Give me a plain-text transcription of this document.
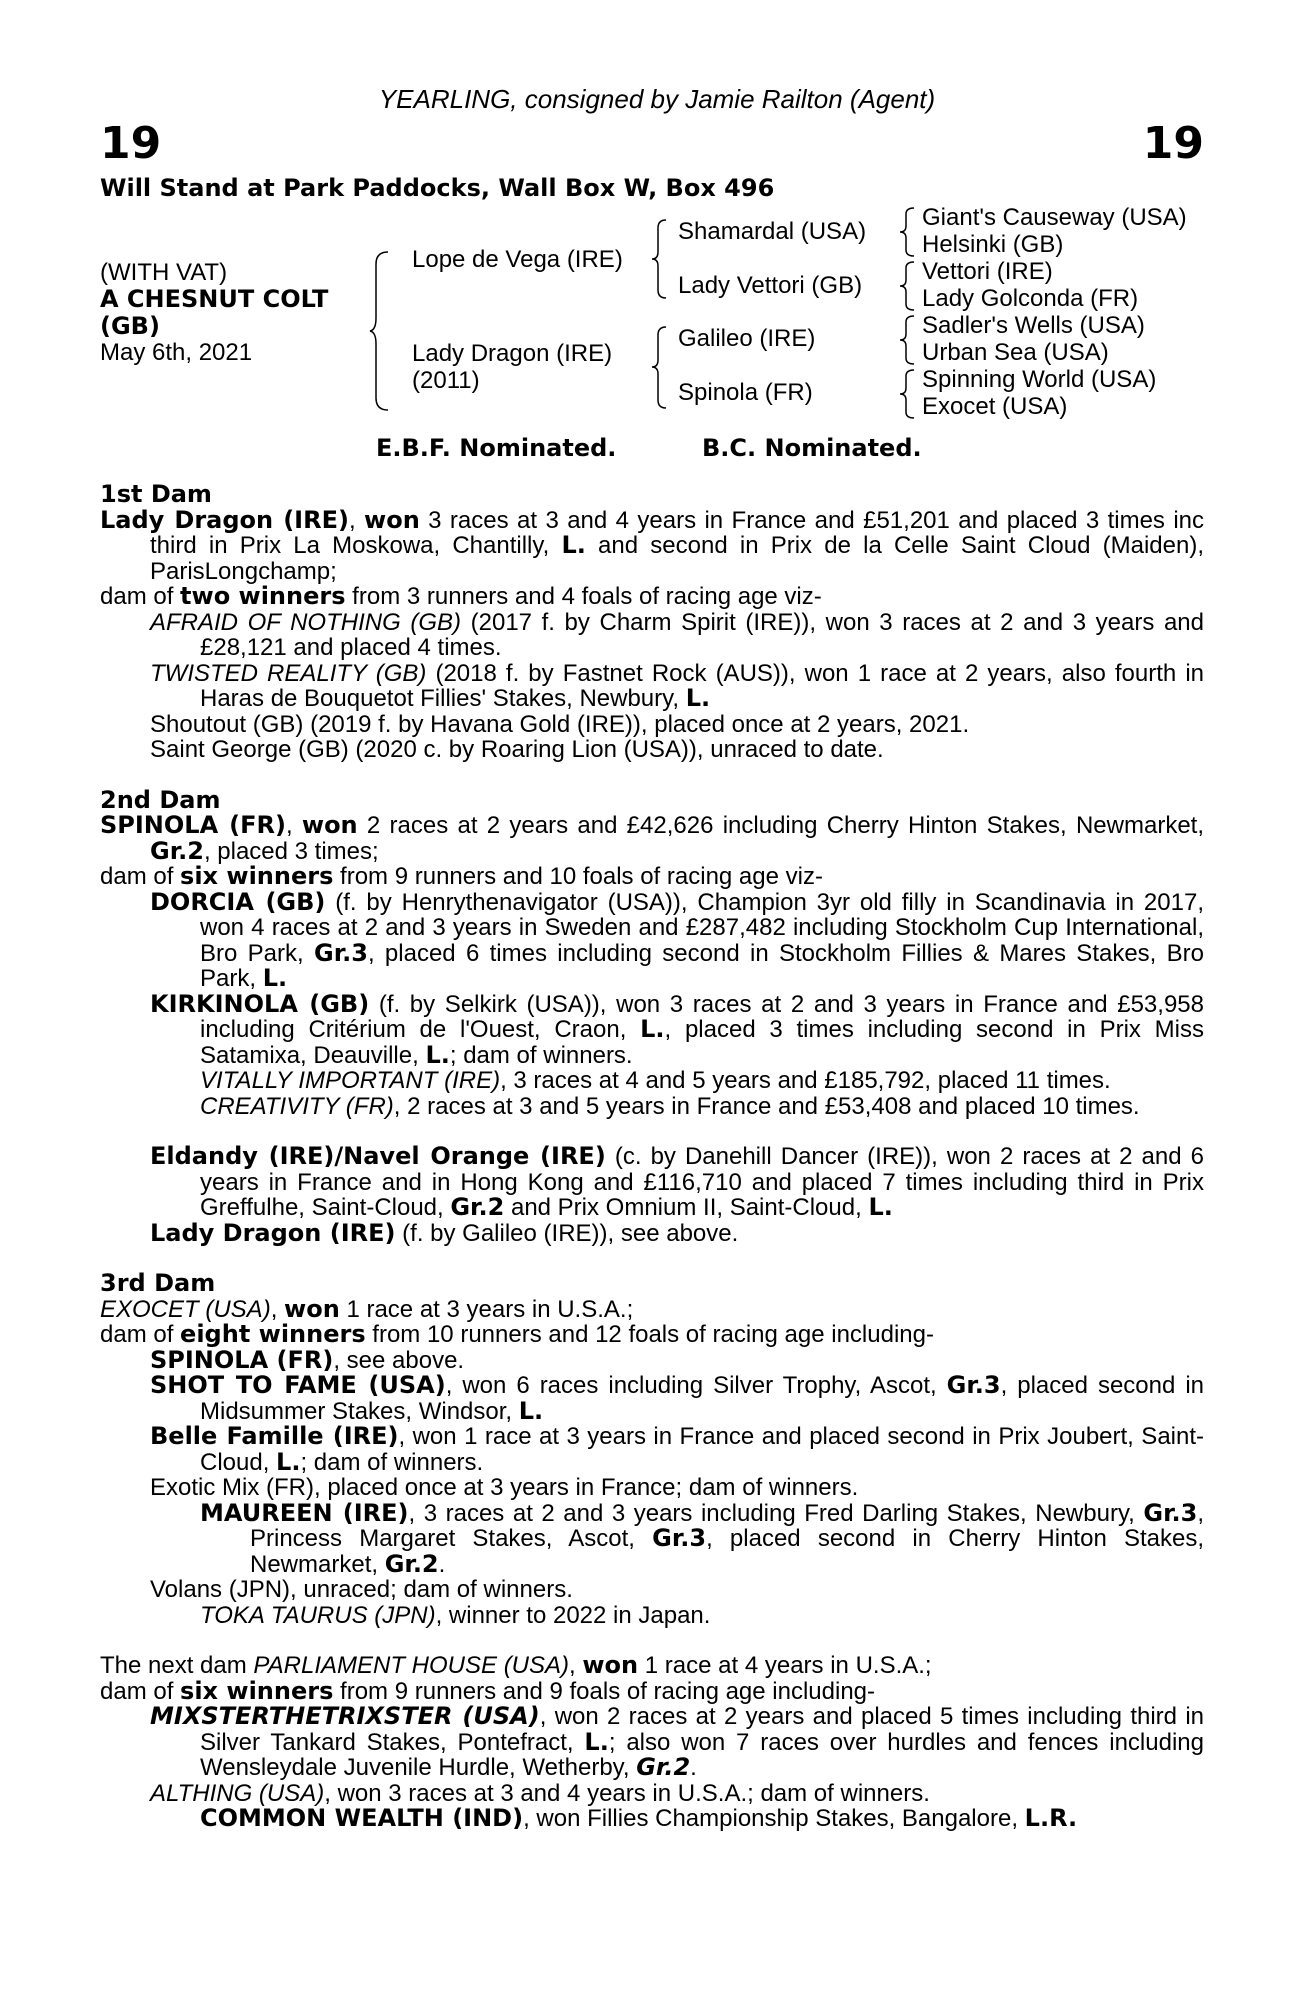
YEARLING, consigned by Jamie Railton (Agent)
19	19
Will Stand at Park Paddocks, Wall Box W, Box 496
(WITH VAT)
A CHESNUT COLT
(GB)
May 6th, 2021
Lope de Vega (IRE)
Lady Dragon (IRE)
(2011)
Shamardal (USA)
Lady Vettori (GB)
Galileo (IRE)
Spinola (FR)
Giant's Causeway (USA)
Helsinki (GB)
Vettori (IRE)
Lady Golconda (FR)
Sadler's Wells (USA)
Urban Sea (USA)
Spinning World (USA)
Exocet (USA)
E.B.F. Nominated.	B.C. Nominated.

1st Dam

Lady Dragon (IRE), won 3 races at 3 and 4 years in France and £51,201 and placed 3 times inc third in Prix La Moskowa, Chantilly, L. and second in Prix de la Celle Saint Cloud (Maiden), ParisLongchamp;

dam of two winners from 3 runners and 4 foals of racing age viz-

AFRAID OF NOTHING (GB) (2017 f. by Charm Spirit (IRE)), won 3 races at 2 and 3 years and £28,121 and placed 4 times.

TWISTED REALITY (GB) (2018 f. by Fastnet Rock (AUS)), won 1 race at 2 years, also fourth in Haras de Bouquetot Fillies' Stakes, Newbury, L.

Shoutout (GB) (2019 f. by Havana Gold (IRE)), placed once at 2 years, 2021.

Saint George (GB) (2020 c. by Roaring Lion (USA)), unraced to date.

2nd Dam

SPINOLA (FR), won 2 races at 2 years and £42,626 including Cherry Hinton Stakes, Newmarket, Gr.2, placed 3 times;

dam of six winners from 9 runners and 10 foals of racing age viz-

DORCIA (GB) (f. by Henrythenavigator (USA)), Champion 3yr old filly in Scandinavia in 2017, won 4 races at 2 and 3 years in Sweden and £287,482 including Stockholm Cup International, Bro Park, Gr.3, placed 6 times including second in Stockholm Fillies & Mares Stakes, Bro Park, L.

KIRKINOLA (GB) (f. by Selkirk (USA)), won 3 races at 2 and 3 years in France and £53,958 including Critérium de l'Ouest, Craon, L., placed 3 times including second in Prix Miss Satamixa, Deauville, L.; dam of winners.

VITALLY IMPORTANT (IRE), 3 races at 4 and 5 years and £185,792, placed 11 times.

CREATIVITY (FR), 2 races at 3 and 5 years in France and £53,408 and placed 10 times.

Eldandy (IRE)/Navel Orange (IRE) (c. by Danehill Dancer (IRE)), won 2 races at 2 and 6 years in France and in Hong Kong and £116,710 and placed 7 times including third in Prix Greffulhe, Saint-Cloud, Gr.2 and Prix Omnium II, Saint-Cloud, L.

Lady Dragon (IRE) (f. by Galileo (IRE)), see above.

3rd Dam

EXOCET (USA), won 1 race at 3 years in U.S.A.;

dam of eight winners from 10 runners and 12 foals of racing age including-

SPINOLA (FR), see above.

SHOT TO FAME (USA), won 6 races including Silver Trophy, Ascot, Gr.3, placed second in Midsummer Stakes, Windsor, L.

Belle Famille (IRE), won 1 race at 3 years in France and placed second in Prix Joubert, Saint-Cloud, L.; dam of winners.

Exotic Mix (FR), placed once at 3 years in France; dam of winners.

MAUREEN (IRE), 3 races at 2 and 3 years including Fred Darling Stakes, Newbury, Gr.3, Princess Margaret Stakes, Ascot, Gr.3, placed second in Cherry Hinton Stakes, Newmarket, Gr.2.

Volans (JPN), unraced; dam of winners.

TOKA TAURUS (JPN), winner to 2022 in Japan.

The next dam PARLIAMENT HOUSE (USA), won 1 race at 4 years in U.S.A.;

dam of six winners from 9 runners and 9 foals of racing age including-

MIXSTERTHETRIXSTER (USA), won 2 races at 2 years and placed 5 times including third in Silver Tankard Stakes, Pontefract, L.; also won 7 races over hurdles and fences including Wensleydale Juvenile Hurdle, Wetherby, Gr.2.

ALTHING (USA), won 3 races at 3 and 4 years in U.S.A.; dam of winners.

COMMON WEALTH (IND), won Fillies Championship Stakes, Bangalore, L.R.
